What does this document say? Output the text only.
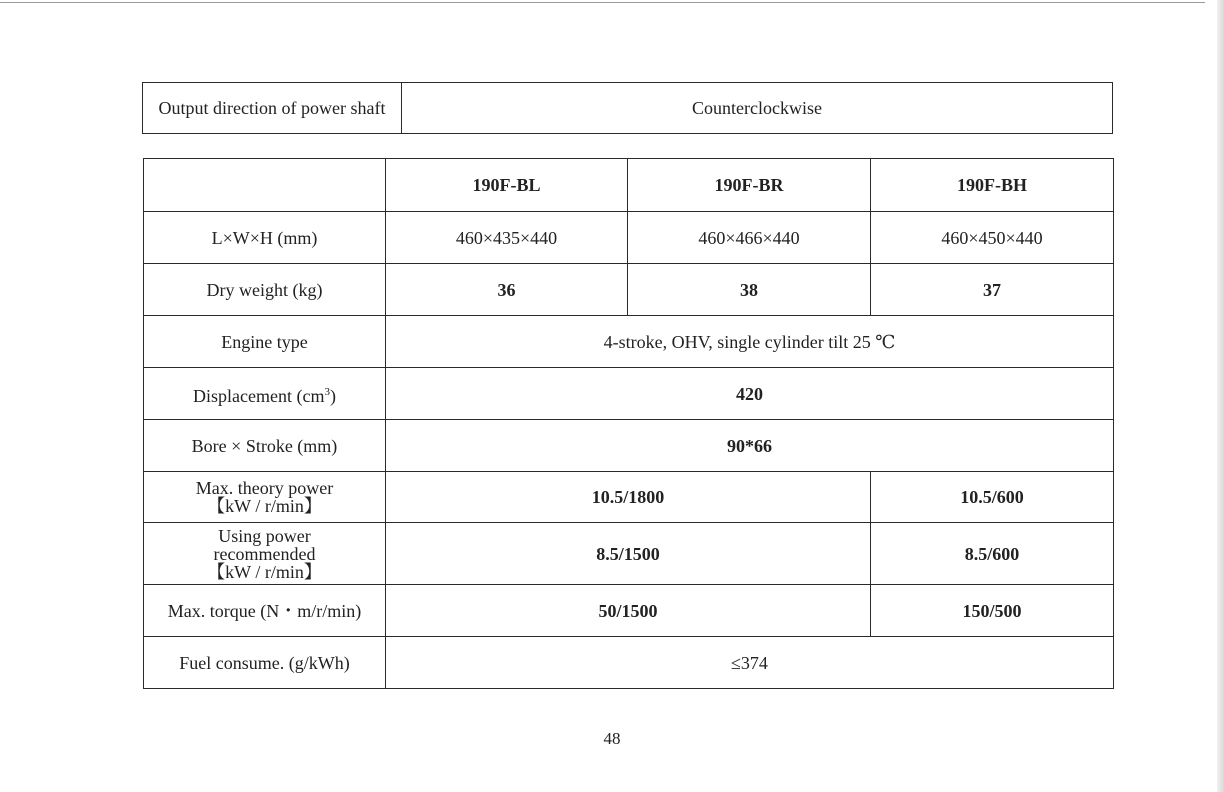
Output direction of power shaft	Counterclockwise
	190F-BL	190F-BR	190F-BH
L×W×H (mm)	460×435×440	460×466×440	460×450×440
Dry weight (kg)	36	38	37
Engine type	4-stroke, OHV, single cylinder tilt 25 ℃		
Displacement $(cm^3)$	420		
Bore × Stroke (mm)	90*66		

Max. theory power
【kW / r/min】	10.5/1800		10.5/600

Using power
recommended
【kW / r/min】	8.5/1500		8.5/600
Max. torque (N・m/r/min)	50/1500		150/500
Fuel consume. (g/kWh)	≤374		
48
